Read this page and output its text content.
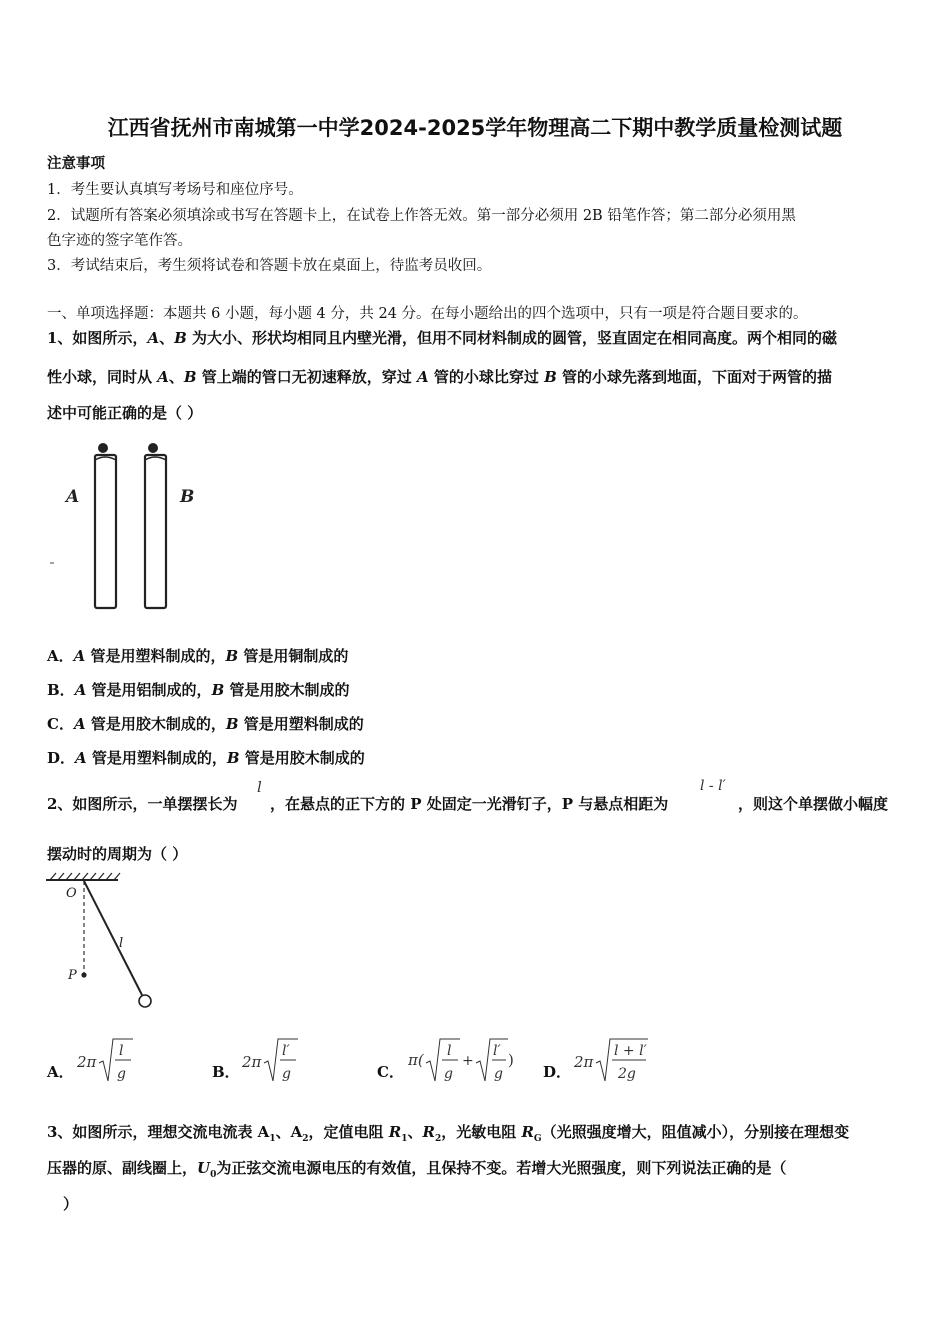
江西省抚州市南城第一中学2024-2025学年物理高二下期中教学质量检测试题
注意事项
1．考生要认真填写考场号和座位序号。
2．试题所有答案必须填涂或书写在答题卡上，在试卷上作答无效。第一部分必须用 2B 铅笔作答；第二部分必须用黑
色字迹的签字笔作答。
3．考试结束后，考生须将试卷和答题卡放在桌面上，待监考员收回。
一、单项选择题：本题共 6 小题，每小题 4 分，共 24 分。在每小题给出的四个选项中，只有一项是符合题目要求的。
1、如图所示，A、B 为大小、形状均相同且内壁光滑，但用不同材料制成的圆管，竖直固定在相同高度。两个相同的磁
性小球，同时从 A、B 管上端的管口无初速释放，穿过 A 管的小球比穿过 B 管的小球先落到地面，下面对于两管的描
述中可能正确的是（ ）
A	B
A．A 管是用塑料制成的，B 管是用铜制成的
B．A 管是用铝制成的，B 管是用胶木制成的
C．A 管是用胶木制成的，B 管是用塑料制成的
D．A 管是用塑料制成的，B 管是用胶木制成的
2、如图所示，一单摆摆长为
l
，在悬点的正下方的 P 处固定一光滑钉子，P 与悬点相距为
l - l′
，则这个单摆做小幅度
摆动时的周期为（ ）
O
P
l
A．
2π
l
g	B．
2π
l′
g	C．
π( l
g
+
l′
g
)
D．
2π
l + l′
2g
3、如图所示，理想交流电流表 $A_1$、$A_2$，定值电阻 $R_1$、$R_2$，光敏电阻 $R_G$（光照强度增大，阻值减小），分别接在理想变
压器的原、副线圈上，$U_0$为正弦交流电源电压的有效值，且保持不变。若增大光照强度，则下列说法正确的是（
）
